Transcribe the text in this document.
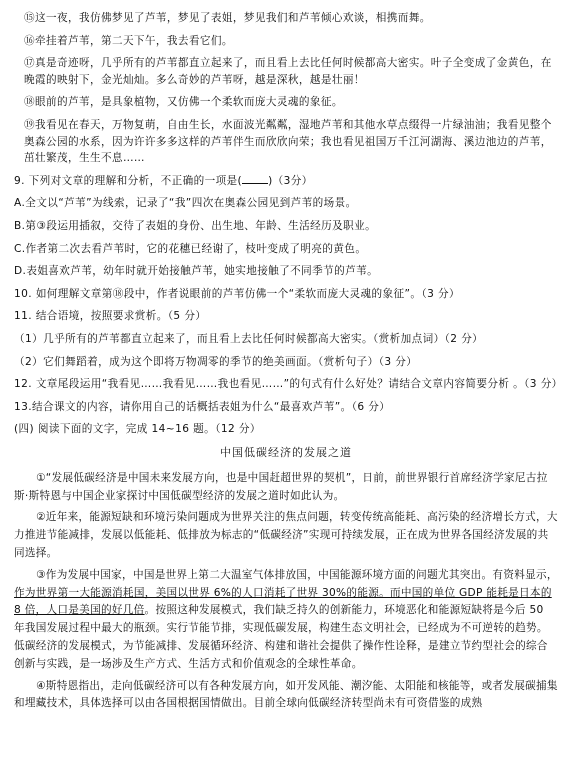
⑮这一夜，我仿佛梦见了芦苇，梦见了表姐，梦见我们和芦苇倾心欢谈，相携而舞。

⑯牵挂着芦苇，第二天下午，我去看它们。

⑰真是奇迹呀，几乎所有的芦苇都直立起来了，而且看上去比任何时候都高大密实。叶子全变成了金黄色，在晚霞的映射下，金光灿灿。多么奇妙的芦苇呀，越是深秋，越是壮丽！

⑱眼前的芦苇，是具象植物，又仿佛一个柔软而庞大灵魂的象征。

⑲我看见在春天，万物复萌，自由生长，水面波光粼粼，湿地芦苇和其他水草点缀得一片绿油油；我看见整个奥森公园的水系，因为许许多多这样的芦苇伴生而欣欣向荣；我也看见祖国万千江河湖海、溪边池边的芦苇，茁壮繁茂，生生不息……

9. 下列对文章的理解和分析，不正确的一项是( )（3分）

A.全文以“芦苇”为线索，记录了“我”四次在奥森公园见到芦苇的场景。

B.第③段运用插叙，交待了表姐的身份、出生地、年龄、生活经历及职业。

C.作者第二次去看芦苇时，它的花穗已经谢了，枝叶变成了明亮的黄色。

D.表姐喜欢芦苇，幼年时就开始接触芦苇，她实地接触了不同季节的芦苇。

10. 如何理解文章第⑱段中，作者说眼前的芦苇仿佛一个“柔软而庞大灵魂的象征”。（3 分）

11. 结合语境，按照要求赏析。（5 分）

（1）几乎所有的芦苇都直立起来了，而且看上去比任何时候都高大密实。（赏析加点词）（2 分）

（2）它们舞蹈着，成为这个即将万物凋零的季节的绝美画面。（赏析句子）（3 分）

12. 文章尾段运用“我看见……我看见……我也看见……”的句式有什么好处？请结合文章内容简要分析 。（3 分）

13.结合课文的内容，请你用自己的话概括表姐为什么“最喜欢芦苇”。（6 分）

(四) 阅读下面的文字，完成 14~16 题。（12 分）

中国低碳经济的发展之道

①“发展低碳经济是中国未来发展方向，也是中国赶超世界的契机”，日前，前世界银行首席经济学家尼古拉斯·斯特恩与中国企业家探讨中国低碳型经济的发展之道时如此认为。

②近年来，能源短缺和环境污染问题成为世界关注的焦点问题，转变传统高能耗、高污染的经济增长方式，大力推进节能减排，发展以低能耗、低排放为标志的“低碳经济”实现可持续发展，正在成为世界各国经济发展的共同选择。

③作为发展中国家，中国是世界上第二大温室气体排放国，中国能源环境方面的问题尤其突出。有资料显示，作为世界第一大能源消耗国，美国以世界 6%的人口消耗了世界 30%的能源。而中国的单位 GDP 能耗是日本的 8 倍，人口是美国的好几倍。按照这种发展模式，我们缺乏持久的创新能力，环境恶化和能源短缺将是今后 50 年我国发展过程中最大的瓶颈。实行节能节排，实现低碳发展，构建生态文明社会，已经成为不可逆转的趋势。低碳经济的发展模式，为节能减排、发展循环经济、构建和谐社会提供了操作性诠释，是建立节约型社会的综合创新与实践，是一场涉及生产方式、生活方式和价值观念的全球性革命。

④斯特恩指出，走向低碳经济可以有各种发展方向，如开发风能、潮汐能、太阳能和核能等，或者发展碳捕集和埋藏技术，具体选择可以由各国根据国情做出。目前全球向低碳经济转型尚未有可资借鉴的成熟
